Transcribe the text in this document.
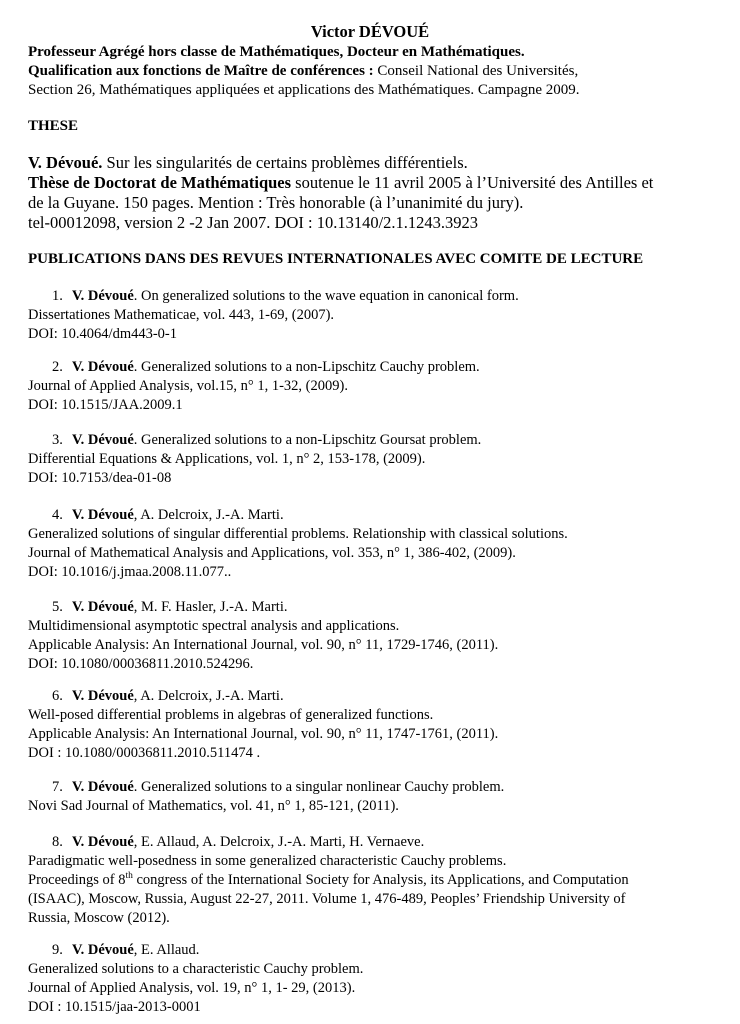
Victor DÉVOUÉ
Professeur Agrégé hors classe de Mathématiques, Docteur en Mathématiques.
Qualification aux fonctions de Maître de conférences : Conseil National des Universités,
Section 26, Mathématiques appliquées et applications des Mathématiques. Campagne 2009.
THESE
V. Dévoué. Sur les singularités de certains problèmes différentiels.
Thèse de Doctorat de Mathématiques soutenue le 11 avril 2005 à l’Université des Antilles et
de la Guyane. 150 pages. Mention : Très honorable (à l’unanimité du jury).
tel-00012098, version 2 -2 Jan 2007. DOI : 10.13140/2.1.1243.3923
PUBLICATIONS DANS DES REVUES INTERNATIONALES AVEC COMITE DE LECTURE
1. V. Dévoué. On generalized solutions to the wave equation in canonical form.
Dissertationes Mathematicae, vol. 443, 1-69, (2007).
DOI: 10.4064/dm443-0-1
2. V. Dévoué. Generalized solutions to a non-Lipschitz Cauchy problem.
Journal of Applied Analysis, vol.15, n° 1, 1-32, (2009).
DOI: 10.1515/JAA.2009.1
3. V. Dévoué. Generalized solutions to a non-Lipschitz Goursat problem.
Differential Equations & Applications, vol. 1, n° 2, 153-178, (2009).
DOI: 10.7153/dea-01-08
4. V. Dévoué, A. Delcroix, J.-A. Marti.
Generalized solutions of singular differential problems. Relationship with classical solutions.
Journal of Mathematical Analysis and Applications, vol. 353, n° 1, 386-402, (2009).
DOI: 10.1016/j.jmaa.2008.11.077..
5. V. Dévoué, M. F. Hasler, J.-A. Marti.
Multidimensional asymptotic spectral analysis and applications.
Applicable Analysis: An International Journal, vol. 90, n° 11, 1729-1746, (2011).
DOI: 10.1080/00036811.2010.524296.
6. V. Dévoué, A. Delcroix, J.-A. Marti.
Well-posed differential problems in algebras of generalized functions.
Applicable Analysis: An International Journal, vol. 90, n° 11, 1747-1761, (2011).
DOI : 10.1080/00036811.2010.511474 .
7. V. Dévoué. Generalized solutions to a singular nonlinear Cauchy problem.
Novi Sad Journal of Mathematics, vol. 41, n° 1, 85-121, (2011).
8. V. Dévoué, E. Allaud, A. Delcroix, J.-A. Marti, H. Vernaeve.
Paradigmatic well-posedness in some generalized characteristic Cauchy problems.
Proceedings of 8th congress of the International Society for Analysis, its Applications, and Computation
(ISAAC), Moscow, Russia, August 22-27, 2011. Volume 1, 476-489, Peoples’ Friendship University of
Russia, Moscow (2012).
9. V. Dévoué, E. Allaud.
Generalized solutions to a characteristic Cauchy problem.
Journal of Applied Analysis, vol. 19, n° 1, 1- 29, (2013).
DOI : 10.1515/jaa-2013-0001
